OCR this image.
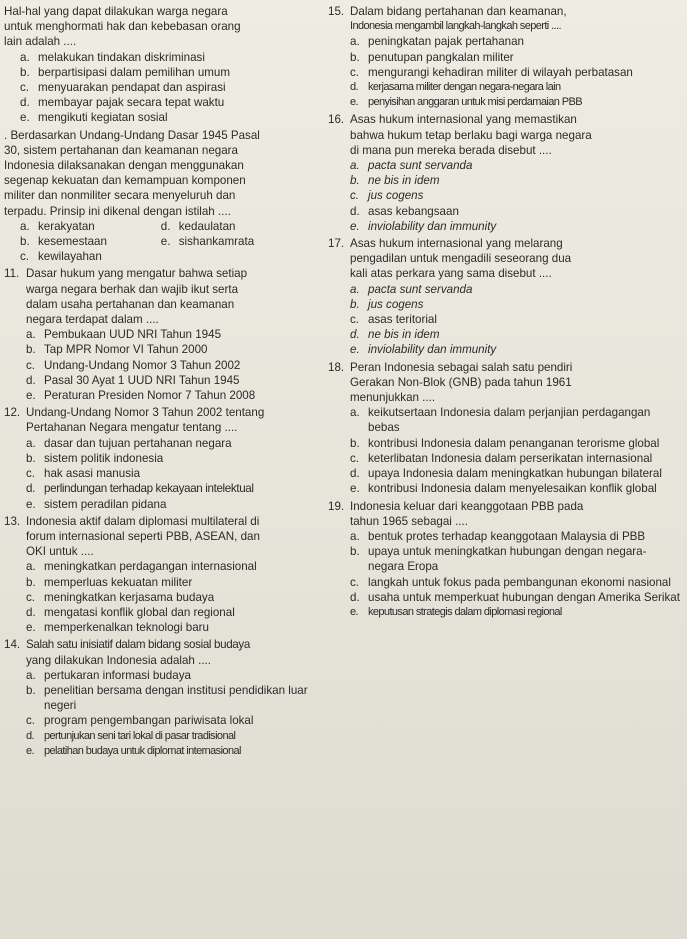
Hal-hal yang dapat dilakukan warga negara
untuk menghormati hak dan kebebasan orang
lain adalah ....
a. melakukan tindakan diskriminasi
b. berpartisipasi dalam pemilihan umum
c. menyuarakan pendapat dan aspirasi
d. membayar pajak secara tepat waktu
e. mengikuti kegiatan sosial
. Berdasarkan Undang-Undang Dasar 1945 Pasal
30, sistem pertahanan dan keamanan negara
Indonesia dilaksanakan dengan menggunakan
segenap kekuatan dan kemampuan komponen
militer dan nonmiliter secara menyeluruh dan
terpadu. Prinsip ini dikenal dengan istilah ....
a. kerakyatan	d. kedaulatan
b. kesemestaan	e. sishankamrata
c. kewilayahan
11. Dasar hukum yang mengatur bahwa setiap
warga negara berhak dan wajib ikut serta
dalam usaha pertahanan dan keamanan
negara terdapat dalam ....
a. Pembukaan UUD NRI Tahun 1945
b. Tap MPR Nomor VI Tahun 2000
c. Undang-Undang Nomor 3 Tahun 2002
d. Pasal 30 Ayat 1 UUD NRI Tahun 1945
e. Peraturan Presiden Nomor 7 Tahun 2008
12. Undang-Undang Nomor 3 Tahun 2002 tentang
Pertahanan Negara mengatur tentang ....
a. dasar dan tujuan pertahanan negara
b. sistem politik indonesia
c. hak asasi manusia
d. perlindungan terhadap kekayaan intelektual
e. sistem peradilan pidana
13. Indonesia aktif dalam diplomasi multilateral di
forum internasional seperti PBB, ASEAN, dan
OKI untuk ....
a. meningkatkan perdagangan internasional
b. memperluas kekuatan militer
c. meningkatkan kerjasama budaya
d. mengatasi konflik global dan regional
e. memperkenalkan teknologi baru
14. Salah satu inisiatif dalam bidang sosial budaya
yang dilakukan Indonesia adalah ....
a. pertukaran informasi budaya
b. penelitian bersama dengan institusi pendidikan luar negeri
c. program pengembangan pariwisata lokal
d. pertunjukan seni tari lokal di pasar tradisional
e. pelatihan budaya untuk diplomat internasional
15. Dalam bidang pertahanan dan keamanan,
Indonesia mengambil langkah-langkah seperti ....
a. peningkatan pajak pertahanan
b. penutupan pangkalan militer
c. mengurangi kehadiran militer di wilayah perbatasan
d. kerjasama militer dengan negara-negara lain
e. penyisihan anggaran untuk misi perdamaian PBB
16. Asas hukum internasional yang memastikan
bahwa hukum tetap berlaku bagi warga negara
di mana pun mereka berada disebut ....
a. pacta sunt servanda
b. ne bis in idem
c. jus cogens
d. asas kebangsaan
e. inviolability dan immunity
17. Asas hukum internasional yang melarang
pengadilan untuk mengadili seseorang dua
kali atas perkara yang sama disebut ....
a. pacta sunt servanda
b. jus cogens
c. asas teritorial
d. ne bis in idem
e. inviolability dan immunity
18. Peran Indonesia sebagai salah satu pendiri
Gerakan Non-Blok (GNB) pada tahun 1961
menunjukkan ....
a. keikutsertaan Indonesia dalam perjanjian perdagangan bebas
b. kontribusi Indonesia dalam penanganan terorisme global
c. keterlibatan Indonesia dalam perserikatan internasional
d. upaya Indonesia dalam meningkatkan hubungan bilateral
e. kontribusi Indonesia dalam menyelesaikan konflik global
19. Indonesia keluar dari keanggotaan PBB pada
tahun 1965 sebagai ....
a. bentuk protes terhadap keanggotaan Malaysia di PBB
b. upaya untuk meningkatkan hubungan dengan negara-negara Eropa
c. langkah untuk fokus pada pembangunan ekonomi nasional
d. usaha untuk memperkuat hubungan dengan Amerika Serikat
e. keputusan strategis dalam diplomasi regional
